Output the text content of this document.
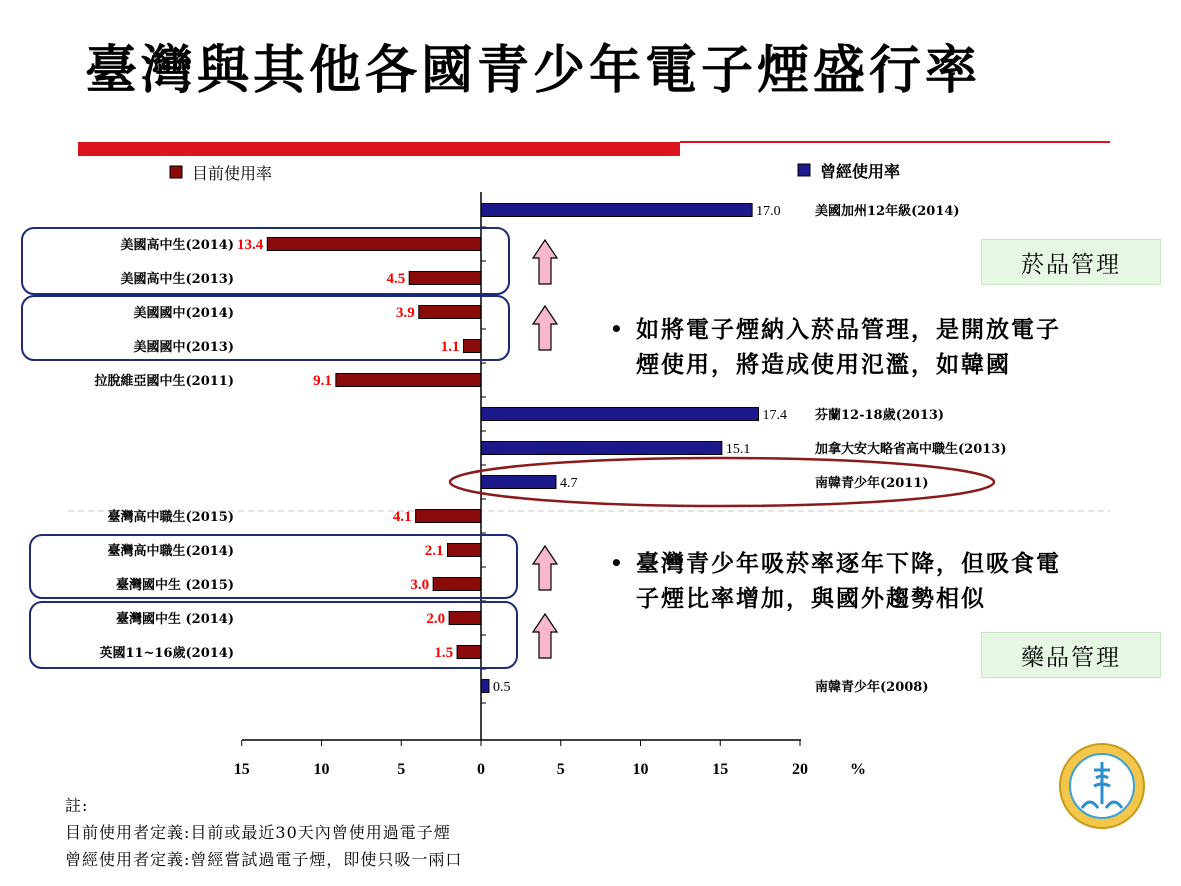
臺灣與其他各國青少年電子煙盛行率
目前使用率	曾經使用率
17.0	美國加州12年級(2014)
13.4
美國高中生(2014)
4.5
美國高中生(2013)
3.9
美國國中(2014)
1.1
美國國中(2013)
9.1
拉脫維亞國中生(2011)
17.4 芬蘭12-18歲(2013)
15.1	加拿大安大略省高中職生(2013)
4.7	南韓青少年(2011)
4.1
臺灣高中職生(2015)
2.1
臺灣高中職生(2014)
3.0
臺灣國中生 (2015)
2.0
臺灣國中生 (2014)
1.5
英國11~16歲(2014)
0.5	南韓青少年(2008)
15	10	5	0	5	10	15	20	%
菸品管理
藥品管理
• 如將電子煙納入菸品管理，是開放電子
煙使用，將造成使用氾濫，如韓國
• 臺灣青少年吸菸率逐年下降，但吸食電
子煙比率增加，與國外趨勢相似
註:
目前使用者定義:目前或最近30天內曾使用過電子煙
曾經使用者定義:曾經嘗試過電子煙，即使只吸一兩口
